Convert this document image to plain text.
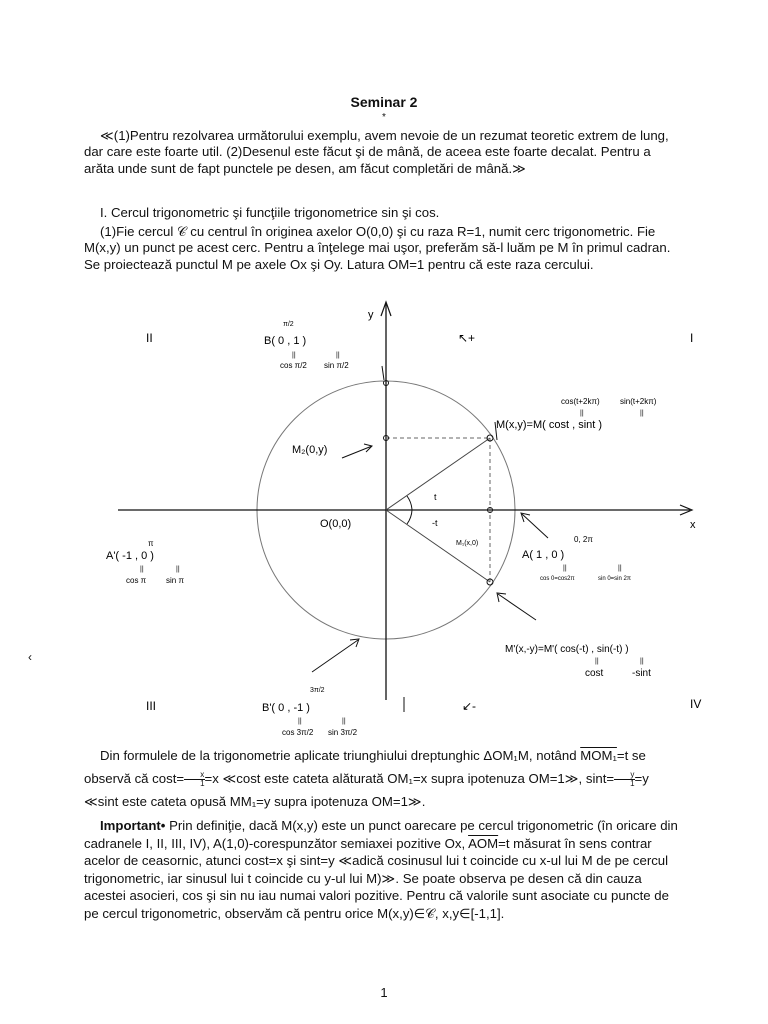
Seminar 2
*
≪(1)Pentru rezolvarea următorului exemplu, avem nevoie de un rezumat teoretic extrem de lung, dar care este foarte util. (2)Desenul este făcut şi de mână, de aceea este foarte decalat. Pentru a arăta unde sunt de fapt punctele pe desen, am făcut completări de mână.≫
I. Cercul trigonometric şi funcţiile trigonometrice sin şi cos.
(1)Fie cercul 𝒞 cu centrul în originea axelor O(0,0) şi cu raza R=1, numit cerc trigonometric. Fie M(x,y) un punct pe acest cerc. Pentru a înţelege mai uşor, preferăm să-l luăm pe M în primul cadran. Se proiectează punctul M pe axele Ox şi Oy. Latura OM=1 pentru că este raza cercului.
x
y
II	I
III	IV
↖+
↙-
O(0,0)
π/2
B( 0 , 1 )
||	||
cos π/2 sin π/2
cos(t+2kπ)	sin(t+2kπ)
||	||
M(x,y)=M( cost , sint )
M₂(0,y)
t
-t
M₁(x,0)
π
A'( -1 , 0 )
||	||
cos π sin π
0, 2π
A( 1 , 0 )
||	||
cos 0=cos2π	sin 0=sin 2π
M'(x,-y)=M'( cos(-t) , sin(-t) )
||	||
cost	-sint
3π/2
B'( 0 , -1 )
||	||
cos 3π/2 sin 3π/2
‹
Din formulele de la trigonometrie aplicate triunghiului dreptunghic ΔOM₁M, notând MOM₁=t se observă că $\cos t= \frac{x}{1} =x$ ≪cost este cateta alăturată OM₁=x supra ipotenuza OM=1≫, $\sin t= \frac{y}{1} =y$ ≪sint este cateta opusă MM₁=y supra ipotenuza OM=1≫.
Important• Prin definiţie, dacă M(x,y) este un punct oarecare pe cercul trigonometric (în oricare din cadranele I, II, III, IV), A(1,0)-corespunzător semiaxei pozitive Ox, $\overline{AOM}=t$ măsurat în sens contrar acelor de ceasornic, atunci cost=x şi sint=y ≪adică cosinusul lui t coincide cu x-ul lui M de pe cercul trigonometric, iar sinusul lui t coincide cu y-ul lui M)≫. Se poate observa pe desen că din cauza acestei asocieri, cos şi sin nu iau numai valori pozitive. Pentru că valorile sunt asociate cu puncte de pe cercul trigonometric, observăm că pentru orice M(x,y)∈𝒞, x,y∈[-1,1].
1
